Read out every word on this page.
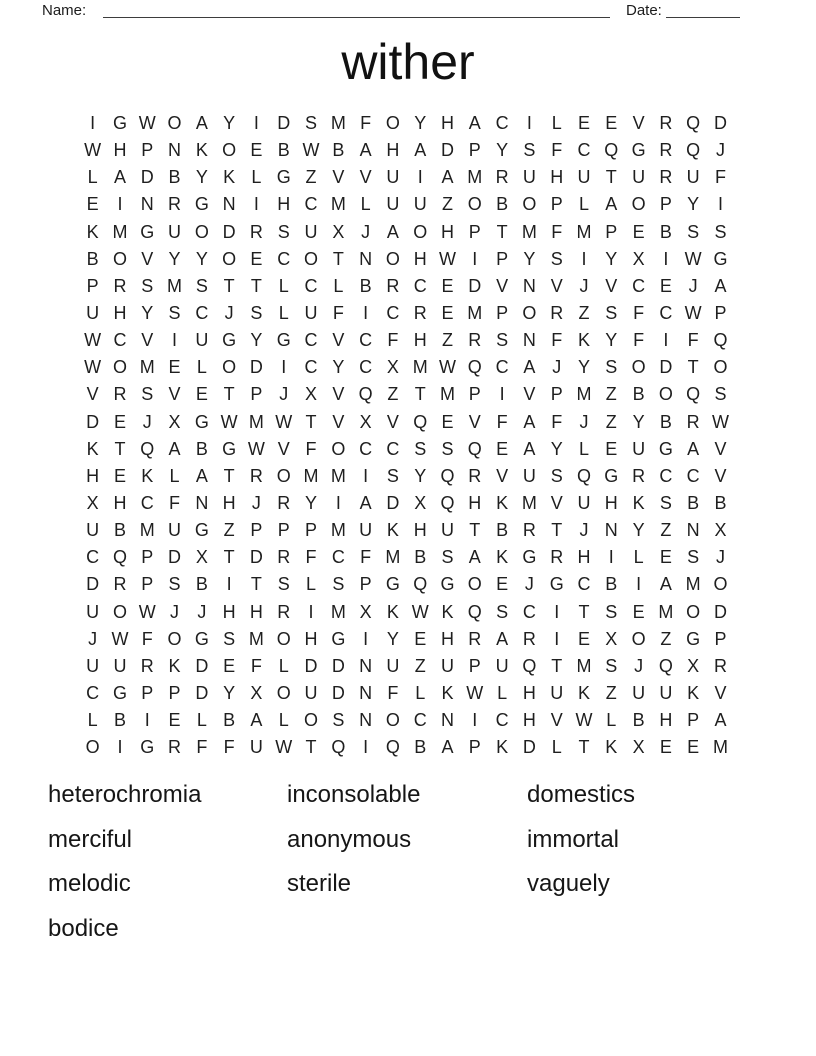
Name:	Date:
wither
I G W O A Y	I	D S M F O Y H A C	I	L E E V R Q D
W H P N K O E B W B A H A D P Y S F C Q G R Q J
L A D B Y K L G Z V V U	I	A M R U H U T U R U F
E	I	N R G N	I	H C M L U U Z O B O P L A O P Y	I
K M G U O D R S U X J A O H P T M F M P E B S S
B O V Y Y O E C O T N O H W I	P Y S	I	Y X	I W G
P R S M S T T L C L B R C E D V N V J V C E J A
U H Y S C J S L U F	I	C R E M P O R Z S F C W P
W C V	I	U G Y G C V C F H Z R S N F K Y F	I	F Q
W O M E L O D	I	C Y C X M W Q C A J Y S O D T O
V R S V E T P J X V Q Z T M P	I	V P M Z B O Q S
D E J X G W M W T V X V Q E V F A F J Z Y B R W
K T Q A B G W V F O C C S S Q E A Y L E U G A V
H E K L A T R O M M I	S Y Q R V U S Q G R C C V
X H C F N H J R Y	I	A D X Q H K M V U H K S B B
U B M U G Z P P P M U K H U T B R T J N Y Z N X
C Q P D X T D R F C F M B S A K G R H	I	L E S J
D R P S B	I	T S L S P G Q G O E J G C B	I	A M O
U O W J	J H H R	I M X K W K Q S C	I	T S E M O D
J W F O G S M O H G I	Y E H R A R	I	E X O Z G P
U U R K D E F L D D N U Z U P U Q T M S J Q X R
C G P P D Y X O U D N F L K W L H U K Z U U K V
L B	I	E L B A L O S N O C N	I	C H V W L B H P A
O I G R F F U W T Q I Q B A P K D L T K X E E M
heterochromia
merciful
melodic
bodice
inconsolable
anonymous
sterile
domestics
immortal
vaguely
